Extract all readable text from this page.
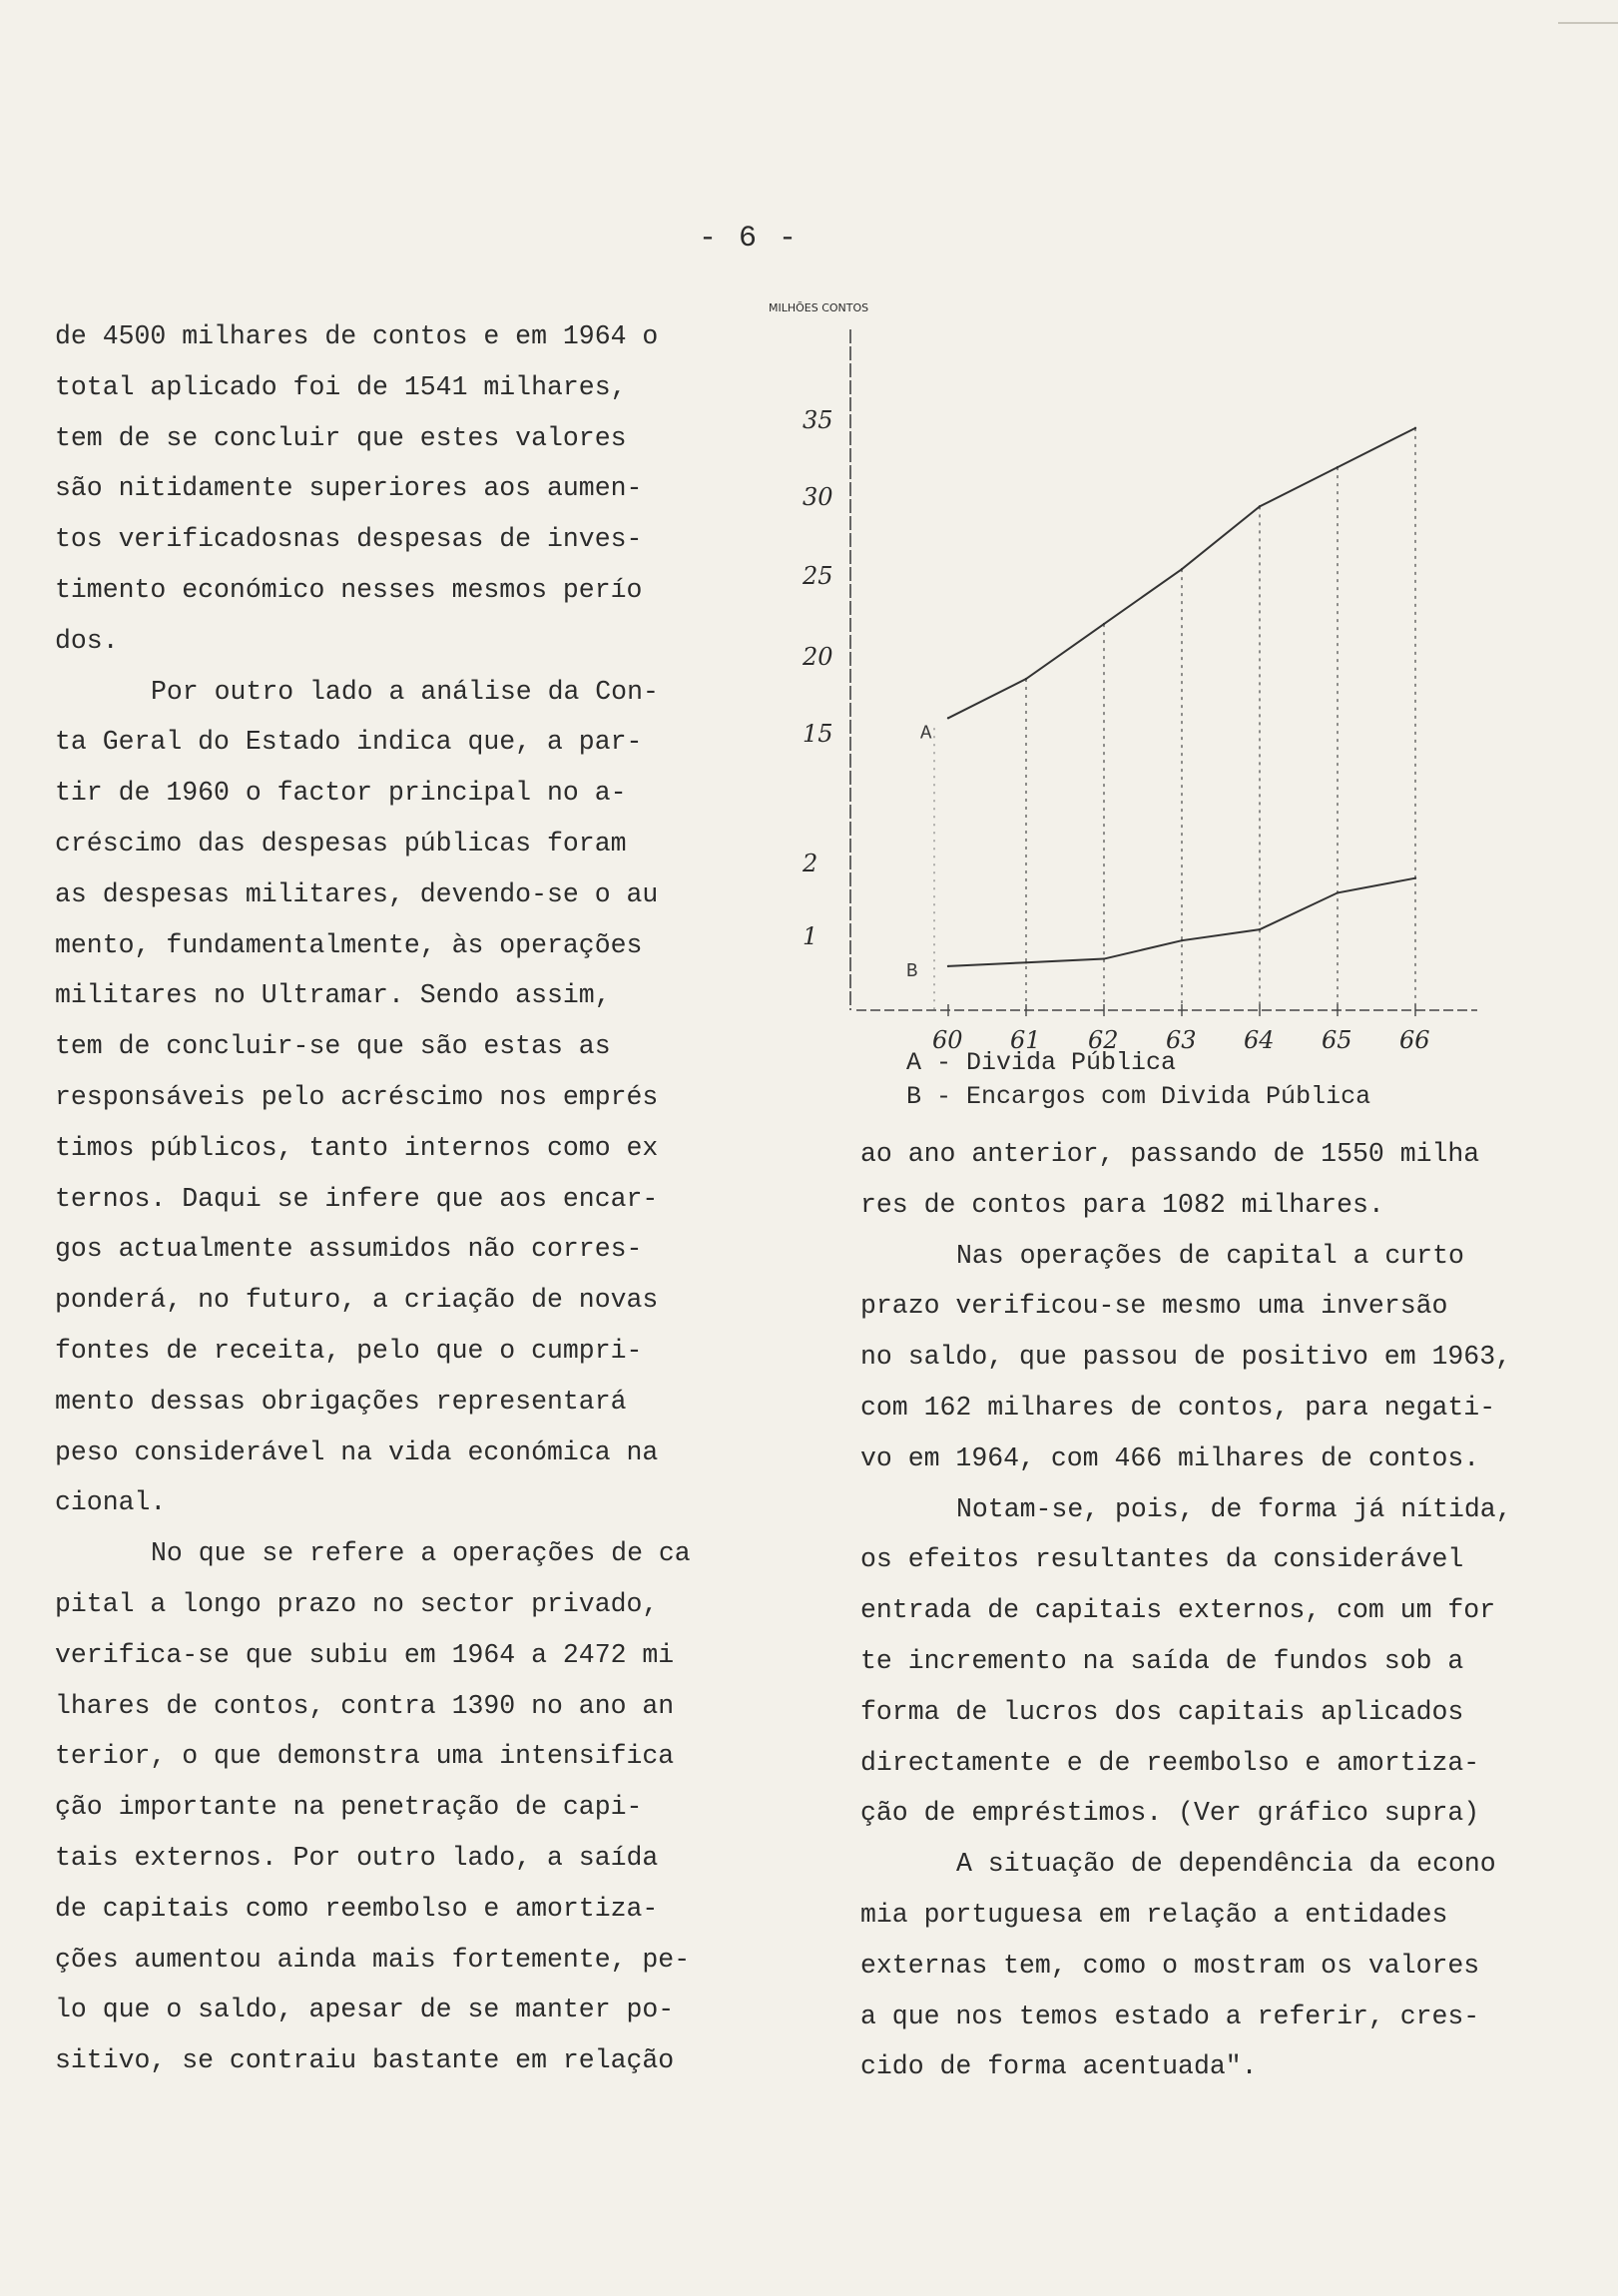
- 6 -

de 4500 milhares de contos e em 1964 o

total aplicado foi de 1541 milhares,

tem de se concluir que estes valores

são nitidamente superiores aos aumen-

tos verificadosnas despesas de inves-

timento económico nesses mesmos perío

dos.

Por outro lado a análise da Con-

ta Geral do Estado indica que, a par-

tir de 1960 o factor principal no a-

créscimo das despesas públicas foram

as despesas militares, devendo-se o au

mento, fundamentalmente, às operações

militares no Ultramar. Sendo assim,

tem de concluir-se que são estas as

responsáveis pelo acréscimo nos emprés

timos públicos, tanto internos como ex

ternos. Daqui se infere que aos encar-

gos actualmente assumidos não corres-

ponderá, no futuro, a criação de novas

fontes de receita, pelo que o cumpri-

mento dessas obrigações representará

peso considerável na vida económica na

cional.

No que se refere a operações de ca

pital a longo prazo no sector privado,

verifica-se que subiu em 1964 a 2472 mi

lhares de contos, contra 1390 no ano an

terior, o que demonstra uma intensifica

ção importante na penetração de capi-

tais externos. Por outro lado, a saída

de capitais como reembolso e amortiza-

ções aumentou ainda mais fortemente, pe-

lo que o saldo, apesar de se manter po-

sitivo, se contraiu bastante em relação

MILHÕES CONTOS
35
30
25
20
15
2
1
60 61 62 63 64 65 66
A
B
A - Divida Pública
B - Encargos com Divida Pública

ao ano anterior, passando de 1550 milha

res de contos para 1082 milhares.

Nas operações de capital a curto

prazo verificou-se mesmo uma inversão

no saldo, que passou de positivo em 1963,

com 162 milhares de contos, para negati-

vo em 1964, com 466 milhares de contos.

Notam-se, pois, de forma já nítida,

os efeitos resultantes da considerável

entrada de capitais externos, com um for

te incremento na saída de fundos sob a

forma de lucros dos capitais aplicados

directamente e de reembolso e amortiza-

ção de empréstimos. (Ver gráfico supra)

A situação de dependência da econo

mia portuguesa em relação a entidades

externas tem, como o mostram os valores

a que nos temos estado a referir, cres-

cido de forma acentuada".
